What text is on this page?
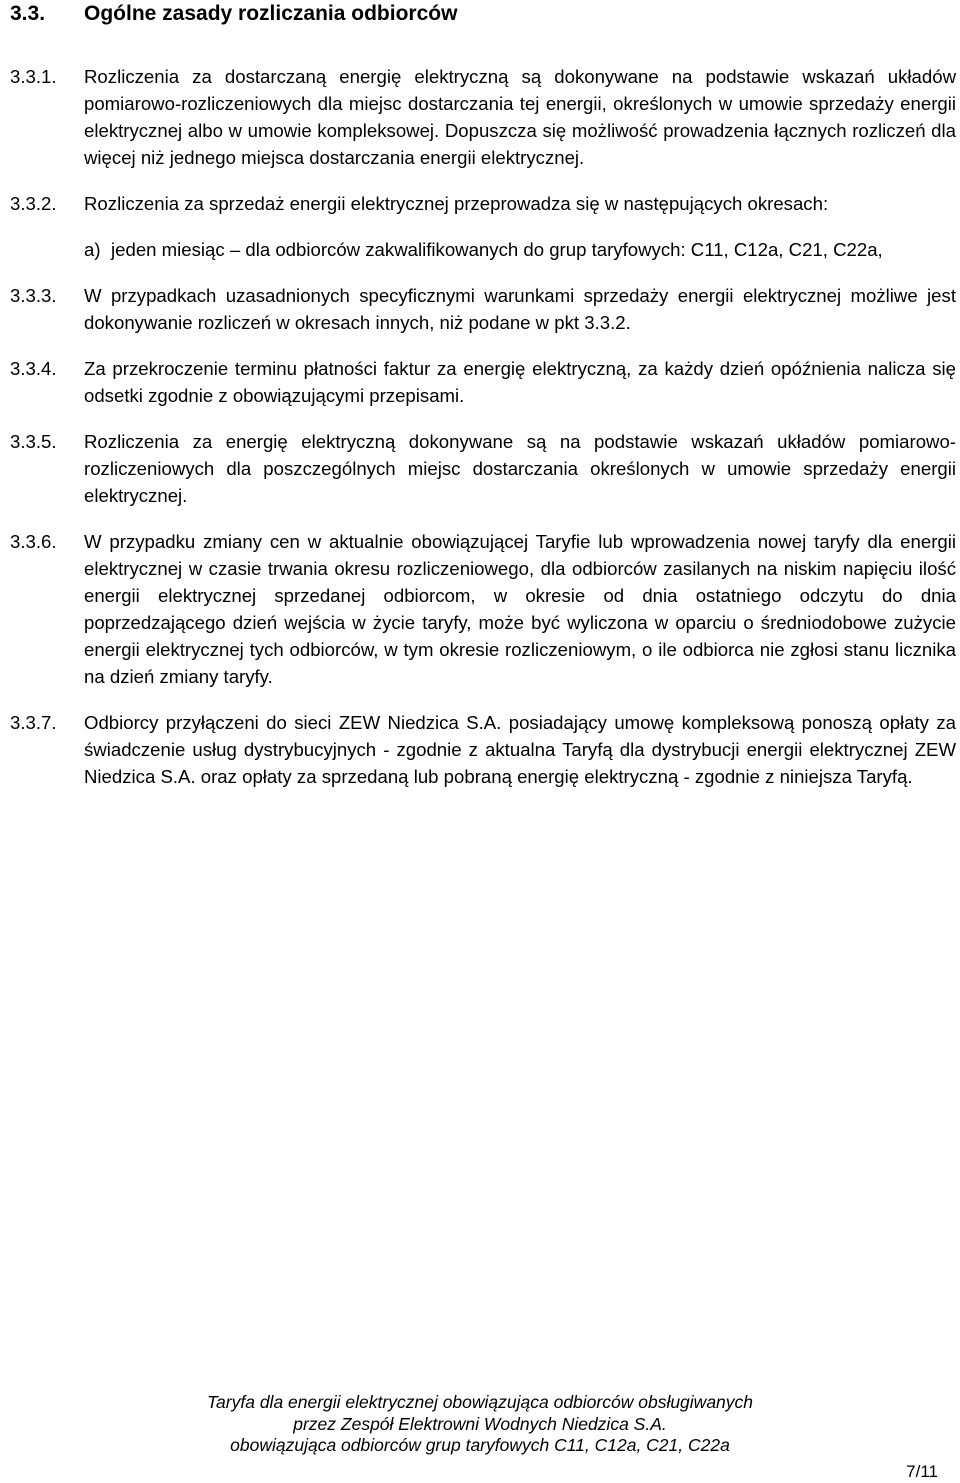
3.3. Ogólne zasady rozliczania odbiorców
3.3.1.	Rozliczenia za dostarczaną energię elektryczną są dokonywane na podstawie wskazań układów pomiarowo-rozliczeniowych dla miejsc dostarczania tej energii, określonych w umowie sprzedaży energii elektrycznej albo w umowie kompleksowej. Dopuszcza się możliwość prowadzenia łącznych rozliczeń dla więcej niż jednego miejsca dostarczania energii elektrycznej.

3.3.2.	Rozliczenia za sprzedaż energii elektrycznej przeprowadza się w następujących okresach:

a) jeden miesiąc – dla odbiorców zakwalifikowanych do grup taryfowych: C11, C12a, C21, C22a,
3.3.3.	W przypadkach uzasadnionych specyficznymi warunkami sprzedaży energii elektrycznej możliwe jest dokonywanie rozliczeń w okresach innych, niż podane w pkt 3.3.2.

3.3.4.	Za przekroczenie terminu płatności faktur za energię elektryczną, za każdy dzień opóźnienia nalicza się odsetki zgodnie z obowiązującymi przepisami.

3.3.5.	Rozliczenia za energię elektryczną dokonywane są na podstawie wskazań układów pomiarowo-rozliczeniowych dla poszczególnych miejsc dostarczania określonych w umowie sprzedaży energii elektrycznej.

3.3.6.	W przypadku zmiany cen w aktualnie obowiązującej Taryfie lub wprowadzenia nowej taryfy dla energii elektrycznej w czasie trwania okresu rozliczeniowego, dla odbiorców zasilanych na niskim napięciu ilość energii elektrycznej sprzedanej odbiorcom, w okresie od dnia ostatniego odczytu do dnia poprzedzającego dzień wejścia w życie taryfy, może być wyliczona w oparciu o średniodobowe zużycie energii elektrycznej tych odbiorców, w tym okresie rozliczeniowym, o ile odbiorca nie zgłosi stanu licznika na dzień zmiany taryfy.

3.3.7.	Odbiorcy przyłączeni do sieci ZEW Niedzica S.A. posiadający umowę kompleksową ponoszą opłaty za świadczenie usług dystrybucyjnych - zgodnie z aktualna Taryfą dla dystrybucji energii elektrycznej ZEW Niedzica S.A. oraz opłaty za sprzedaną lub pobraną energię elektryczną - zgodnie z niniejsza Taryfą.

Taryfa dla energii elektrycznej obowiązująca odbiorców obsługiwanych
przez Zespół Elektrowni Wodnych Niedzica S.A.
obowiązująca odbiorców grup taryfowych C11, C12a, C21, C22a
7/11
